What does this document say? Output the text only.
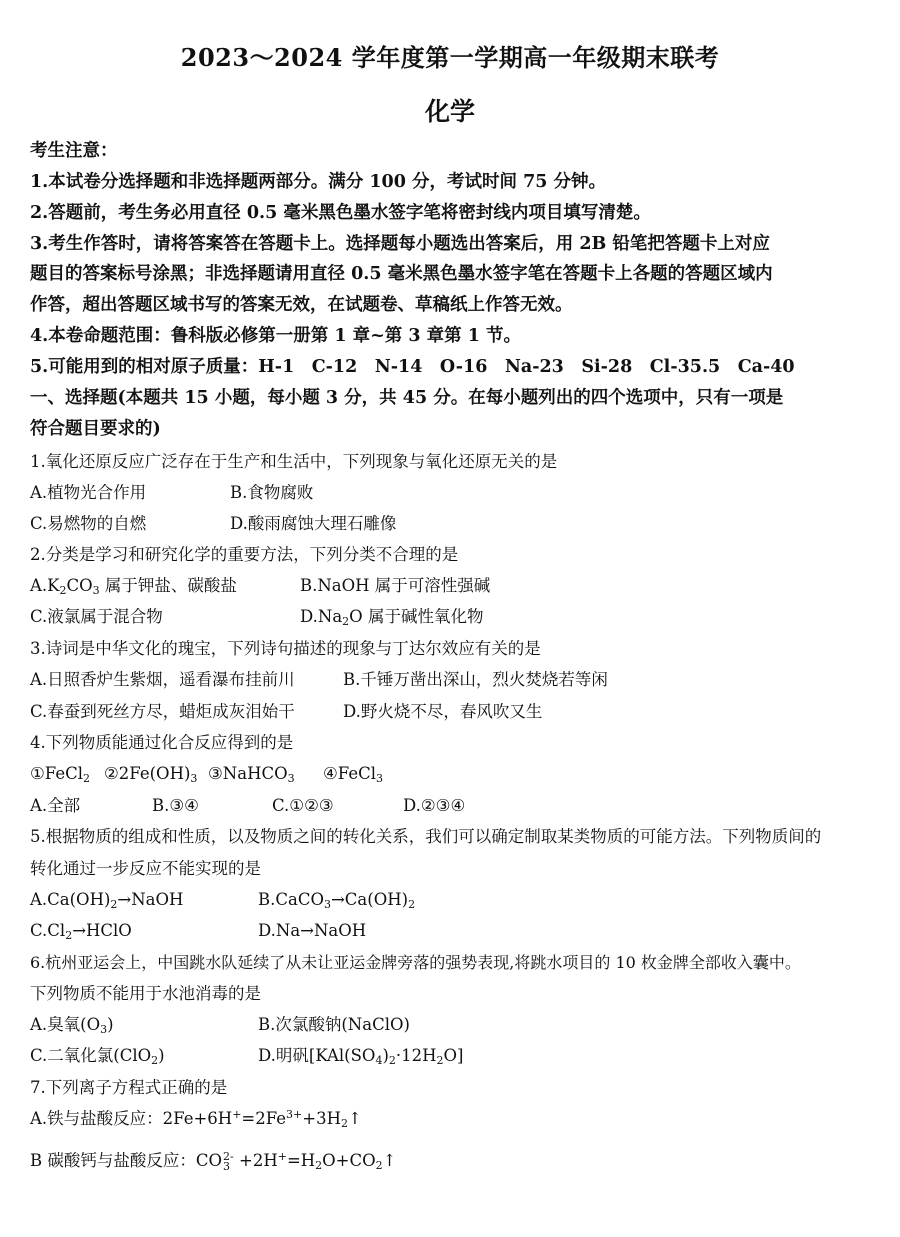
2023～2024 学年度第一学期高一年级期末联考
化学
考生注意：
1.本试卷分选择题和非选择题两部分。满分 100 分，考试时间 75 分钟。
2.答题前，考生务必用直径 0.5 毫米黑色墨水签字笔将密封线内项目填写清楚。
3.考生作答时，请将答案答在答题卡上。选择题每小题选出答案后，用 2B 铅笔把答题卡上对应
题目的答案标号涂黑；非选择题请用直径 0.5 毫米黑色墨水签字笔在答题卡上各题的答题区域内
作答，超出答题区域书写的答案无效，在试题卷、草稿纸上作答无效。
4.本卷命题范围：鲁科版必修第一册第 1 章~第 3 章第 1 节。
5.可能用到的相对原子质量：H-1　C-12　N-14　O-16　Na-23　Si-28　Cl-35.5　Ca-40
一、选择题(本题共 15 小题，每小题 3 分，共 45 分。在每小题列出的四个选项中，只有一项是
符合题目要求的)
1.氧化还原反应广泛存在于生产和生活中，下列现象与氧化还原无关的是
A.植物光合作用	B.食物腐败
C.易燃物的自燃	D.酸雨腐蚀大理石雕像
2.分类是学习和研究化学的重要方法，下列分类不合理的是
$A.K_2CO_3$ 属于钾盐、碳酸盐	B.NaOH 属于可溶性强碱
C.液氯属于混合物	$D.Na_2O$ 属于碱性氧化物
3.诗词是中华文化的瑰宝，下列诗句描述的现象与丁达尔效应有关的是
A.日照香炉生紫烟，遥看瀑布挂前川	B.千锤万凿出深山，烈火焚烧若等闲
C.春蚕到死丝方尽，蜡炬成灰泪始干	D.野火烧不尽，春风吹又生
4.下列物质能通过化合反应得到的是
①FeCl$_2$ $②2Fe(OH)_3$ ③NaHCO$_3$ ④FeCl$_3$
A.全部	B.③④	C.①②③	D.②③④
5.根据物质的组成和性质，以及物质之间的转化关系，我们可以确定制取某类物质的可能方法。下列物质间的
转化通过一步反应不能实现的是
$A.Ca(OH)_2\to NaOH$	$B.CaCO_3\to Ca(OH)_2$
$C.Cl_2\to HClO$	D.Na→NaOH
6.杭州亚运会上，中国跳水队延续了从未让亚运金牌旁落的强势表现,将跳水项目的 10 枚金牌全部收入囊中。
下列物质不能用于水池消毒的是
A.臭氧$(O_3)$	B.次氯酸钠(NaClO)
C.二氧化氯(ClO$_2$)	D.明矾$[KAl(SO_4)_2\cdot 12H_2O]$
7.下列离子方程式正确的是
A.铁与盐酸反应：$2Fe+6H^+=2Fe^{3+}+3H_2↑$
B 碳酸钙与盐酸反应：CO 2-
$3 +2H^+=H_2O+CO_2↑$
